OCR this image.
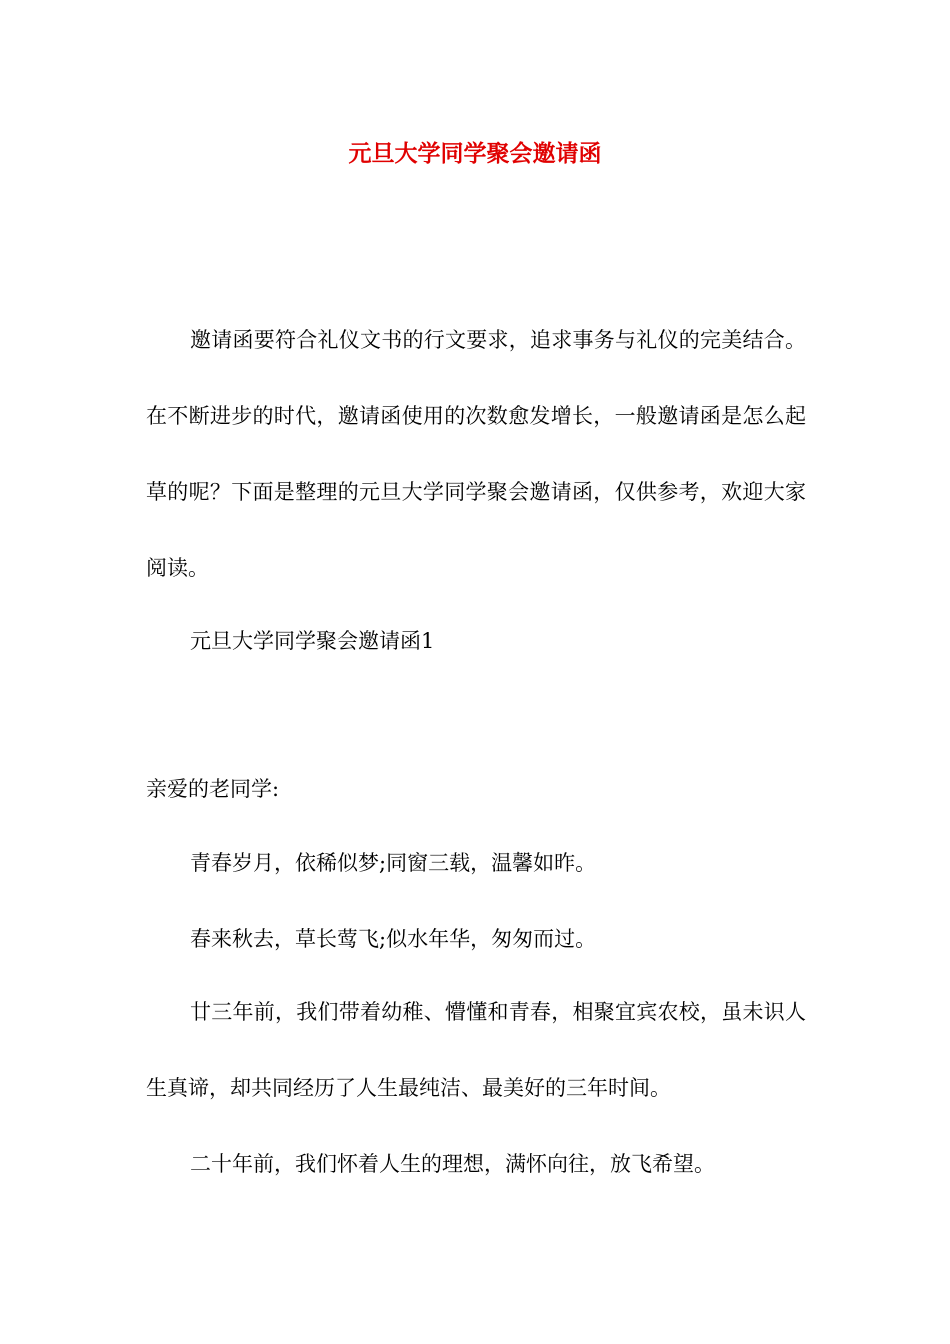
元旦大学同学聚会邀请函
邀请函要符合礼仪文书的行文要求，追求事务与礼仪的完美结合。在不断进步的时代，邀请函使用的次数愈发增长，一般邀请函是怎么起草的呢？下面是整理的元旦大学同学聚会邀请函，仅供参考，欢迎大家阅读。
元旦大学同学聚会邀请函1
亲爱的老同学:
青春岁月，依稀似梦;同窗三载，温馨如昨。
春来秋去，草长莺飞;似水年华，匆匆而过。
廿三年前，我们带着幼稚、懵懂和青春，相聚宜宾农校，虽未识人生真谛，却共同经历了人生最纯洁、最美好的三年时间。
二十年前，我们怀着人生的理想，满怀向往，放飞希望。
